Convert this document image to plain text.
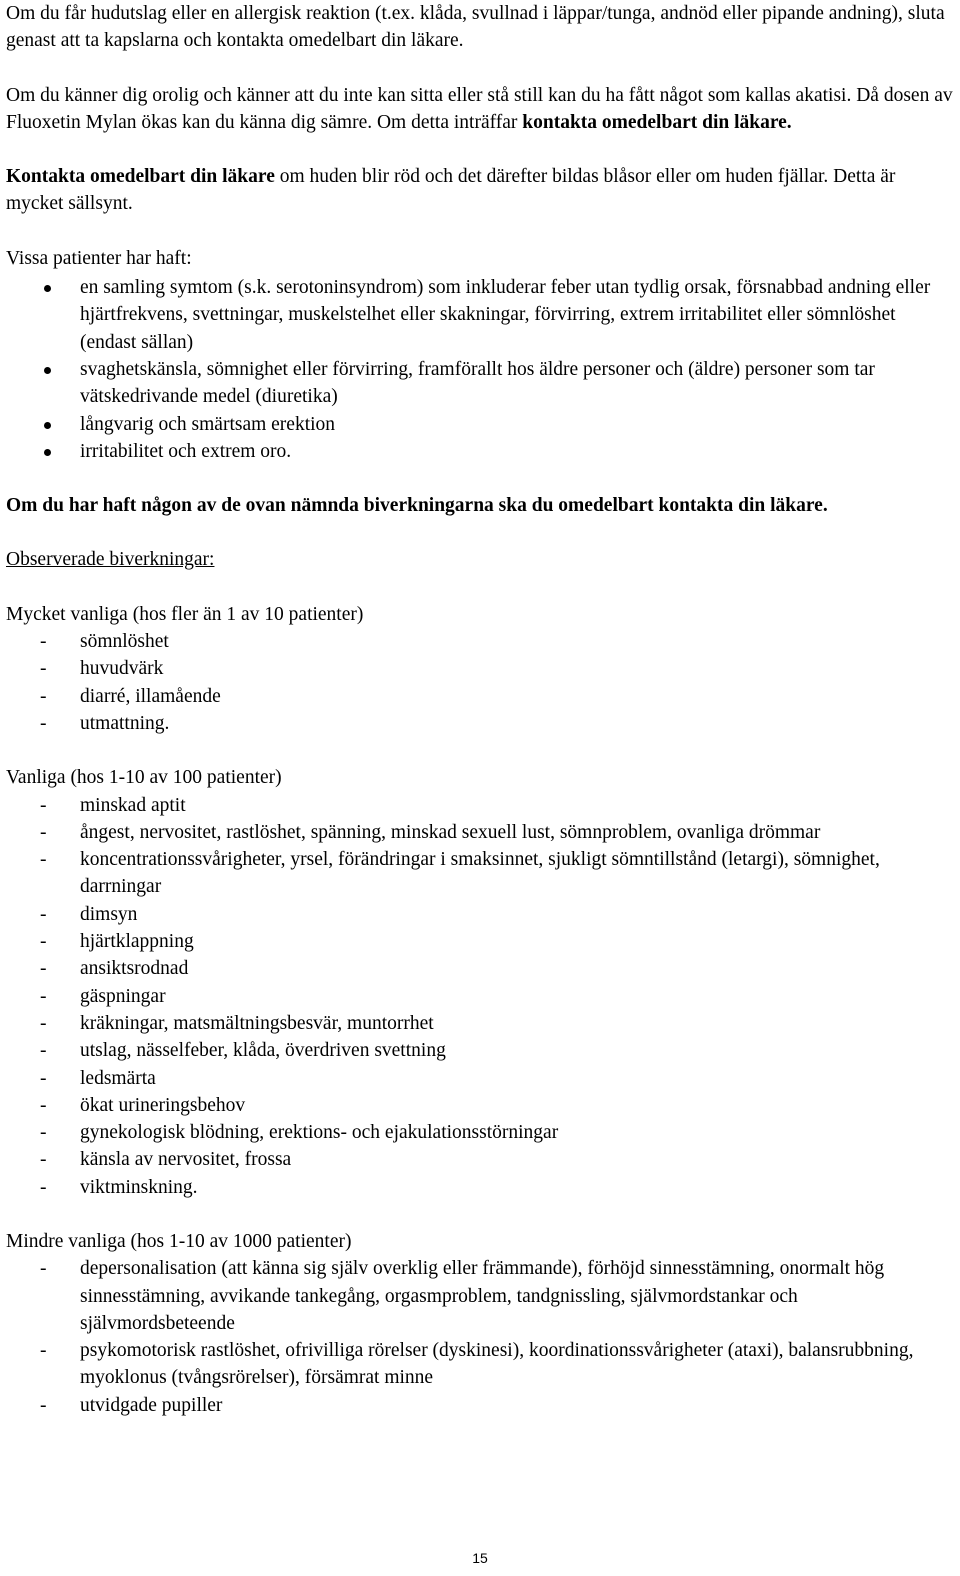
Om du får hudutslag eller en allergisk reaktion (t.ex. klåda, svullnad i läppar/tunga, andnöd eller pipande andning), sluta genast att ta kapslarna och kontakta omedelbart din läkare.

Om du känner dig orolig och känner att du inte kan sitta eller stå still kan du ha fått något som kallas akatisi. Då dosen av Fluoxetin Mylan ökas kan du känna dig sämre. Om detta inträffar kontakta omedelbart din läkare.

Kontakta omedelbart din läkare om huden blir röd och det därefter bildas blåsor eller om huden fjällar. Detta är mycket sällsynt.

Vissa patienter har haft:

en samling symtom (s.k. serotoninsyndrom) som inkluderar feber utan tydlig orsak, försnabbad andning eller hjärtfrekvens, svettningar, muskelstelhet eller skakningar, förvirring, extrem irritabilitet eller sömnlöshet (endast sällan)
svaghetskänsla, sömnighet eller förvirring, framförallt hos äldre personer och (äldre) personer som tar vätskedrivande medel (diuretika)
långvarig och smärtsam erektion
irritabilitet och extrem oro.

Om du har haft någon av de ovan nämnda biverkningarna ska du omedelbart kontakta din läkare.

Observerade biverkningar:

Mycket vanliga (hos fler än 1 av 10 patienter)

- sömnlöshet
- huvudvärk
- diarré, illamående
- utmattning.

Vanliga (hos 1-10 av 100 patienter)

- minskad aptit
- ångest, nervositet, rastlöshet, spänning, minskad sexuell lust, sömnproblem, ovanliga drömmar
- koncentrationssvårigheter, yrsel, förändringar i smaksinnet, sjukligt sömntillstånd (letargi), sömnighet, darrningar
- dimsyn
- hjärtklappning
- ansiktsrodnad
- gäspningar
- kräkningar, matsmältningsbesvär, muntorrhet
- utslag, nässelfeber, klåda, överdriven svettning
- ledsmärta
- ökat urineringsbehov
- gynekologisk blödning, erektions- och ejakulationsstörningar
- känsla av nervositet, frossa
- viktminskning.

Mindre vanliga (hos 1-10 av 1000 patienter)

- depersonalisation (att känna sig själv overklig eller främmande), förhöjd sinnesstämning, onormalt hög sinnesstämning, avvikande tankegång, orgasmproblem, tandgnissling, självmordstankar och självmordsbeteende
- psykomotorisk rastlöshet, ofrivilliga rörelser (dyskinesi), koordinationssvårigheter (ataxi), balansrubbning, myoklonus (tvångsrörelser), försämrat minne
- utvidgade pupiller
15
